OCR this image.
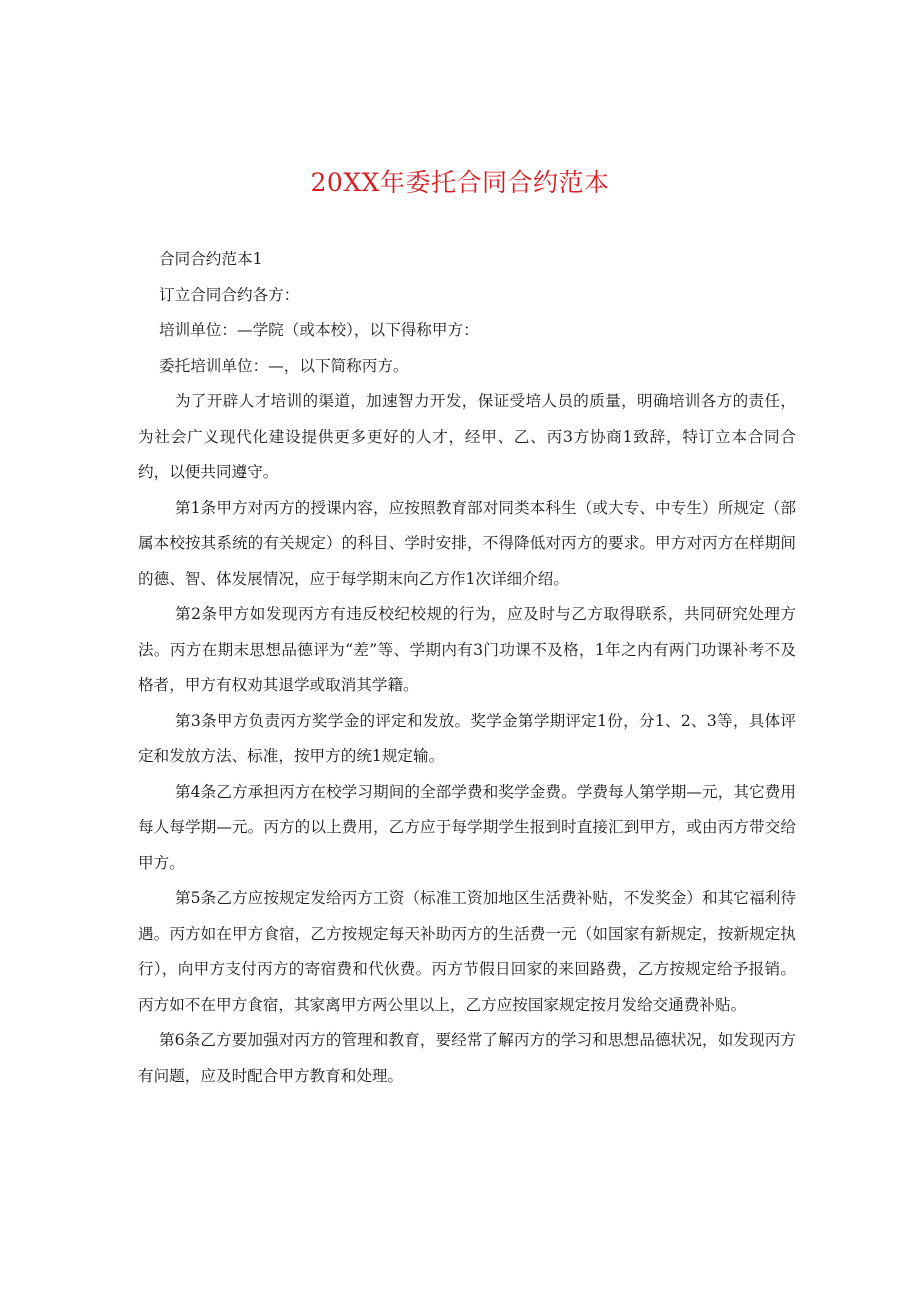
20XX年委托合同合约范本

合同合约范本1

订立合同合约各方：

培训单位：—学院（或本校），以下得称甲方：

委托培训单位：—，以下简称丙方。

为了开辟人才培训的渠道，加速智力开发，保证受培人员的质量，明确培训各方的责任，为社会广义现代化建设提供更多更好的人才，经甲、乙、丙3方协商1致辞，特订立本合同合约，以便共同遵守。

第1条甲方对丙方的授课内容，应按照教育部对同类本科生（或大专、中专生）所规定（部属本校按其系统的有关规定）的科目、学时安排，不得降低对丙方的要求。甲方对丙方在样期间的德、智、体发展情况，应于每学期末向乙方作1次详细介绍。

第2条甲方如发现丙方有违反校纪校规的行为，应及时与乙方取得联系，共同研究处理方法。丙方在期末思想品德评为“差”等、学期内有3门功课不及格，1年之内有两门功课补考不及格者，甲方有权劝其退学或取消其学籍。

第3条甲方负责丙方奖学金的评定和发放。奖学金第学期评定1份，分1、2、3等，具体评定和发放方法、标准，按甲方的统1规定输。

第4条乙方承担丙方在校学习期间的全部学费和奖学金费。学费每人第学期—元，其它费用每人每学期—元。丙方的以上费用，乙方应于每学期学生报到时直接汇到甲方，或由丙方带交给甲方。

第5条乙方应按规定发给丙方工资（标准工资加地区生活费补贴，不发奖金）和其它福利待遇。丙方如在甲方食宿，乙方按规定每天补助丙方的生活费一元（如国家有新规定，按新规定执行），向甲方支付丙方的寄宿费和代伙费。丙方节假日回家的来回路费，乙方按规定给予报销。丙方如不在甲方食宿，其家离甲方两公里以上，乙方应按国家规定按月发给交通费补贴。

第6条乙方要加强对丙方的管理和教育，要经常了解丙方的学习和思想品德状况，如发现丙方有问题，应及时配合甲方教育和处理。
